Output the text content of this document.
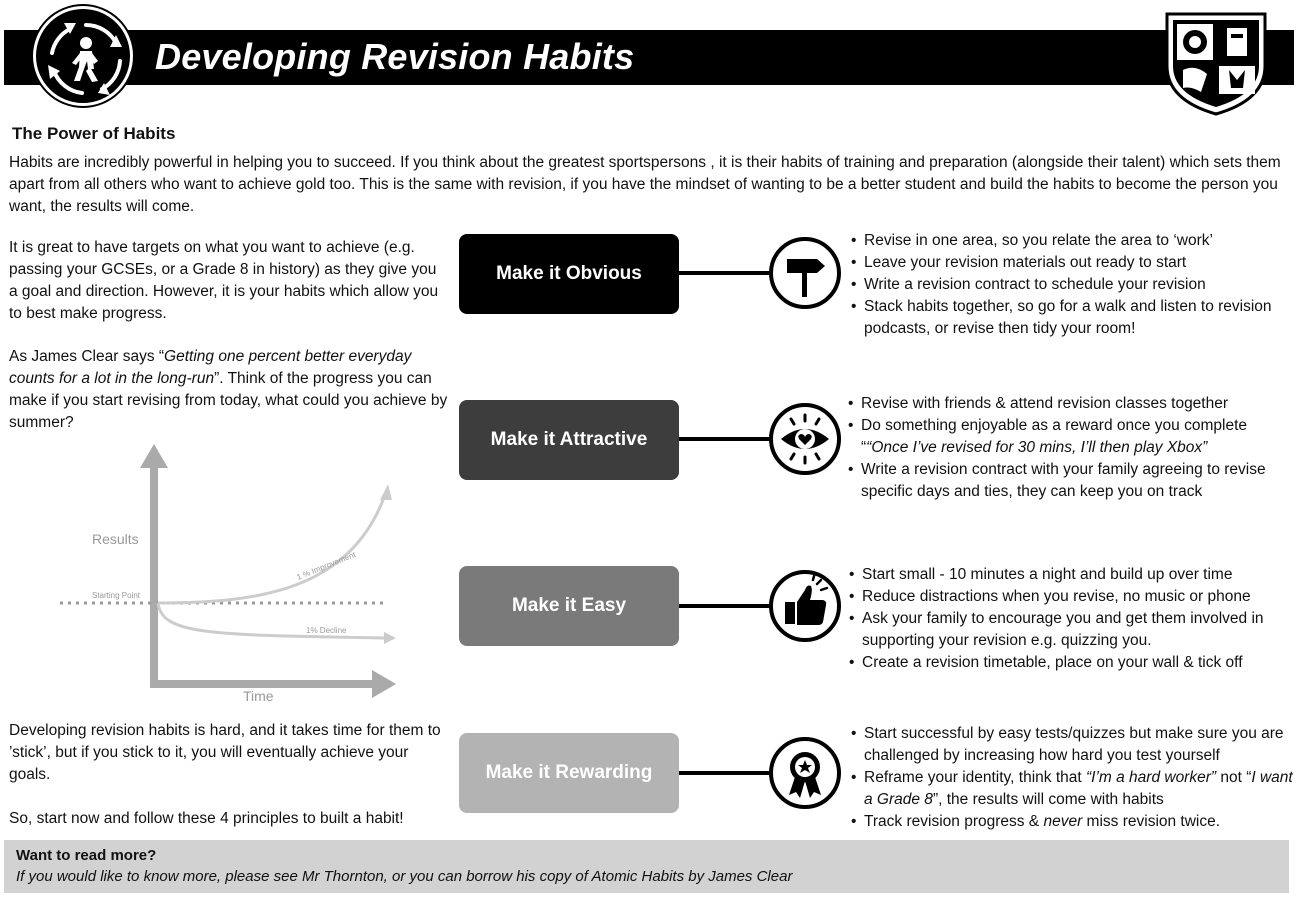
Developing Revision Habits
The Power of Habits
Habits are incredibly powerful in helping you to succeed. If you think about the greatest sportspersons , it is their habits of training and preparation (alongside their talent) which sets them apart from all others who want to achieve gold too. This is the same with revision, if you have the mindset of wanting to be a better student and build the habits to become the person you want, the results will come.
It is great to have targets on what you want to achieve (e.g. passing your GCSEs, or a Grade 8 in history) as they give you a goal and direction. However, it is your habits which allow you to best make progress.
As James Clear says “Getting one percent better everyday counts for a lot in the long-run”. Think of the progress you can make if you start revising from today, what could you achieve by summer?
Results
Time
Starting Point
1 % Improvement
1% Decline
Developing revision habits is hard, and it takes time for them to ’stick’, but if you stick to it, you will eventually achieve your goals.
So, start now and follow these 4 principles to built a habit!
Make it Obvious
• Revise in one area, so you relate the area to ‘work’
• Leave your revision materials out ready to start
• Write a revision contract to schedule your revision
• Stack habits together, so go for a walk and listen to revision podcasts, or revise then tidy your room!
Make it Attractive
• Revise with friends & attend revision classes together
• Do something enjoyable as a reward once you complete ““Once I’ve revised for 30 mins, I’ll then play Xbox”
• Write a revision contract with your family agreeing to revise specific days and ties, they can keep you on track
Make it Easy
• Start small - 10 minutes a night and build up over time
• Reduce distractions when you revise, no music or phone
• Ask your family to encourage you and get them involved in supporting your revision e.g. quizzing you.
• Create a revision timetable, place on your wall & tick off
Make it Rewarding
• Start successful by easy tests/quizzes but make sure you are challenged by increasing how hard you test yourself
• Reframe your identity, think that “I’m a hard worker” not “I want a Grade 8”, the results will come with habits
• Track revision progress & never miss revision twice.
Want to read more?
If you would like to know more, please see Mr Thornton, or you can borrow his copy of Atomic Habits by James Clear
